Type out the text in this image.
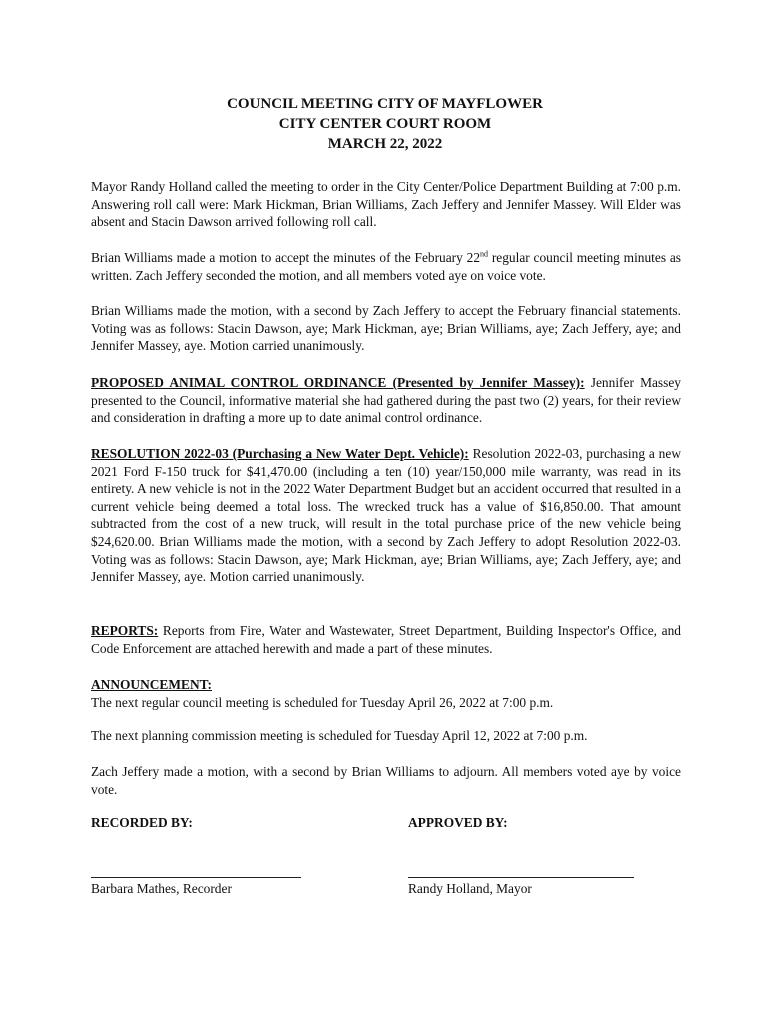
COUNCIL MEETING CITY OF MAYFLOWER
CITY CENTER COURT ROOM
MARCH 22, 2022

Mayor Randy Holland called the meeting to order in the City Center/Police Department Building at 7:00 p.m. Answering roll call were: Mark Hickman, Brian Williams, Zach Jeffery and Jennifer Massey. Will Elder was absent and Stacin Dawson arrived following roll call.

Brian Williams made a motion to accept the minutes of the February 22nd regular council meeting minutes as written. Zach Jeffery seconded the motion, and all members voted aye on voice vote.

Brian Williams made the motion, with a second by Zach Jeffery to accept the February financial statements. Voting was as follows: Stacin Dawson, aye; Mark Hickman, aye; Brian Williams, aye; Zach Jeffery, aye; and Jennifer Massey, aye. Motion carried unanimously.

PROPOSED ANIMAL CONTROL ORDINANCE (Presented by Jennifer Massey): Jennifer Massey presented to the Council, informative material she had gathered during the past two (2) years, for their review and consideration in drafting a more up to date animal control ordinance.

RESOLUTION 2022-03 (Purchasing a New Water Dept. Vehicle): Resolution 2022-03, purchasing a new 2021 Ford F-150 truck for $41,470.00 (including a ten (10) year/150,000 mile warranty, was read in its entirety. A new vehicle is not in the 2022 Water Department Budget but an accident occurred that resulted in a current vehicle being deemed a total loss. The wrecked truck has a value of $16,850.00. That amount subtracted from the cost of a new truck, will result in the total purchase price of the new vehicle being $24,620.00. Brian Williams made the motion, with a second by Zach Jeffery to adopt Resolution 2022-03. Voting was as follows: Stacin Dawson, aye; Mark Hickman, aye; Brian Williams, aye; Zach Jeffery, aye; and Jennifer Massey, aye. Motion carried unanimously.

REPORTS: Reports from Fire, Water and Wastewater, Street Department, Building Inspector's Office, and Code Enforcement are attached herewith and made a part of these minutes.

ANNOUNCEMENT:
The next regular council meeting is scheduled for Tuesday April 26, 2022 at 7:00 p.m.

The next planning commission meeting is scheduled for Tuesday April 12, 2022 at 7:00 p.m.

Zach Jeffery made a motion, with a second by Brian Williams to adjourn. All members voted aye by voice vote.

RECORDED BY:	APPROVED BY:
Barbara Mathes, Recorder	Randy Holland, Mayor
